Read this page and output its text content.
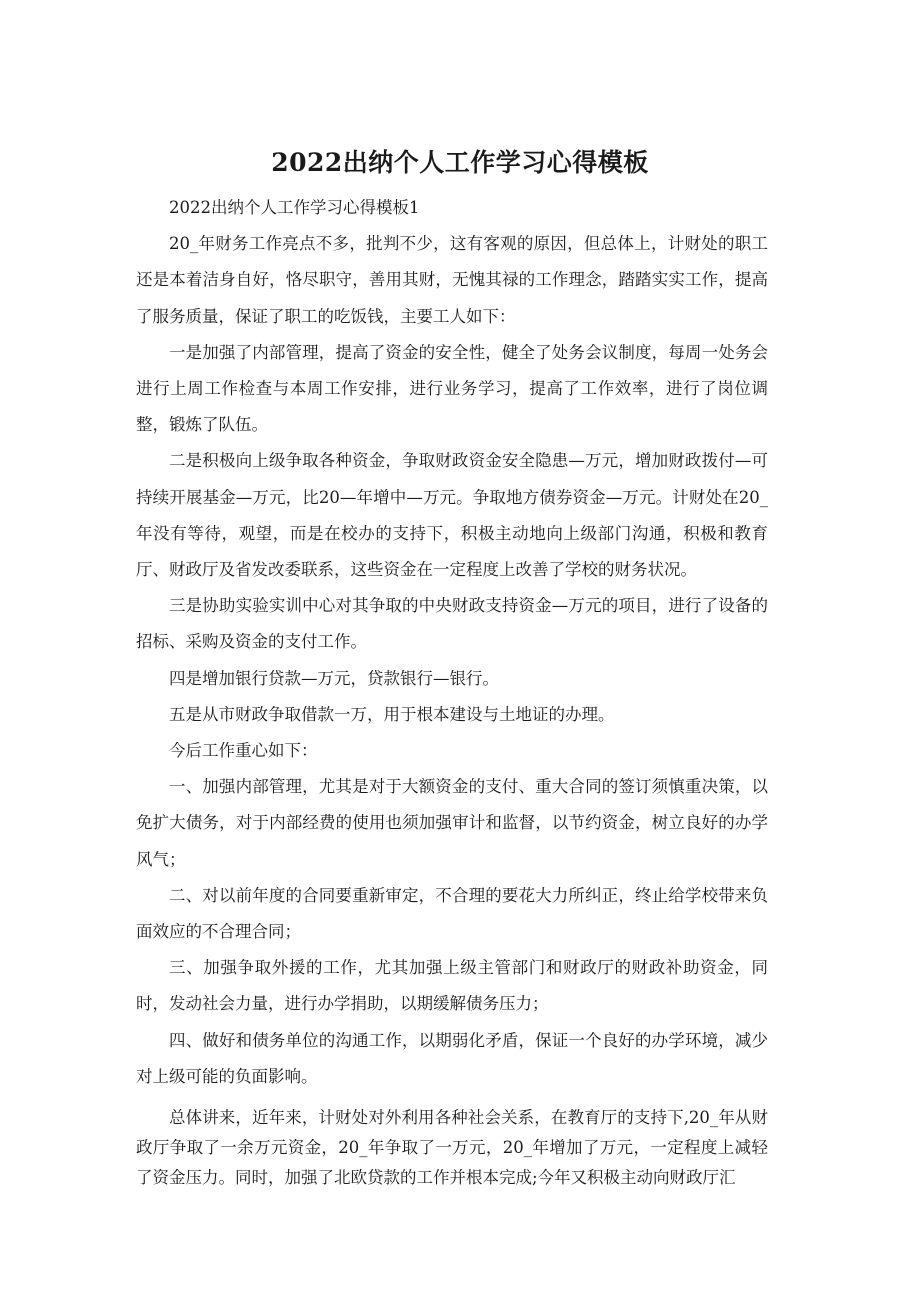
2022出纳个人工作学习心得模板

2022出纳个人工作学习心得模板1

20_年财务工作亮点不多，批判不少，这有客观的原因，但总体上，计财处的职工还是本着洁身自好，恪尽职守，善用其财，无愧其禄的工作理念，踏踏实实工作，提高了服务质量，保证了职工的吃饭钱，主要工人如下：

一是加强了内部管理，提高了资金的安全性，健全了处务会议制度，每周一处务会进行上周工作检查与本周工作安排，进行业务学习，提高了工作效率，进行了岗位调整，锻炼了队伍。

二是积极向上级争取各种资金，争取财政资金安全隐患—万元，增加财政拨付—可持续开展基金—万元，比20—年增中—万元。争取地方债券资金—万元。计财处在20_年没有等待，观望，而是在校办的支持下，积极主动地向上级部门沟通，积极和教育厅、财政厅及省发改委联系，这些资金在一定程度上改善了学校的财务状况。

三是协助实验实训中心对其争取的中央财政支持资金—万元的项目，进行了设备的招标、采购及资金的支付工作。

四是增加银行贷款—万元，贷款银行—银行。

五是从市财政争取借款一万，用于根本建设与土地证的办理。

今后工作重心如下：

一、加强内部管理，尤其是对于大额资金的支付、重大合同的签订须慎重决策，以免扩大债务，对于内部经费的使用也须加强审计和监督，以节约资金，树立良好的办学风气；

二、对以前年度的合同要重新审定，不合理的要花大力所纠正，终止给学校带来负面效应的不合理合同；

三、加强争取外援的工作，尤其加强上级主管部门和财政厅的财政补助资金，同时，发动社会力量，进行办学捐助，以期缓解债务压力；

四、做好和债务单位的沟通工作，以期弱化矛盾，保证一个良好的办学环境，减少对上级可能的负面影响。

总体讲来，近年来，计财处对外利用各种社会关系，在教育厅的支持下,20_年从财政厅争取了一余万元资金，20_年争取了一万元，20_年增加了万元，一定程度上减轻了资金压力。同时，加强了北欧贷款的工作并根本完成;今年又积极主动向财政厅汇
